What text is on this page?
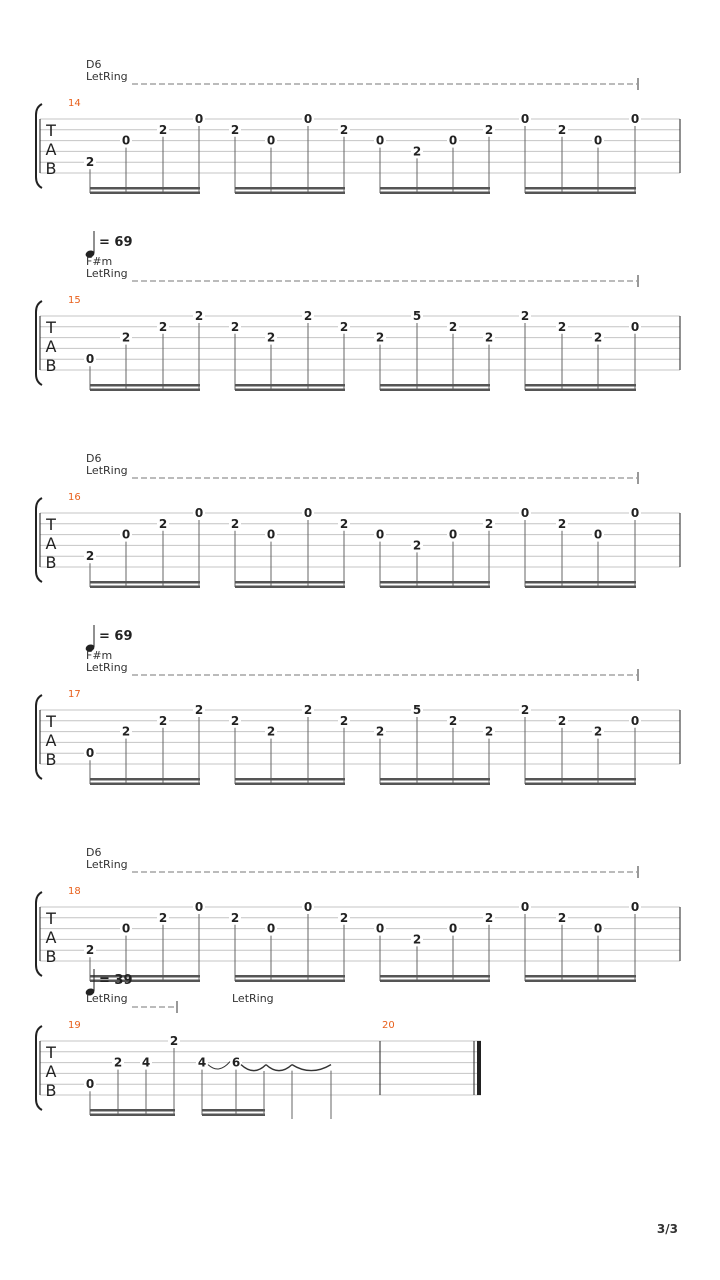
D6
LetRing
14
T
A
B 2
0
2
0
2
0
0
2
0
2
0
2
0
2
0
0
= 69
F#m
LetRing
15
T
A
B 0
2
2
2
2
2
2
2
2
5
2
2
2
2
2
0
D6
LetRing
16
T
A
B 2
0
2
0
2
0
0
2
0
2
0
2
0
2
0
0
= 69
F#m
LetRing
17
T
A
B 0
2
2
2
2
2
2
2
2
5
2
2
2
2
2
0
D6
LetRing
18
T
A
B 2
0
2
0
2
0
0
2
0
2
0
2
0
2
0
0
= 39
LetRing	LetRing
19	20
T
A
B 0
2 4
2
4 6
3/3
